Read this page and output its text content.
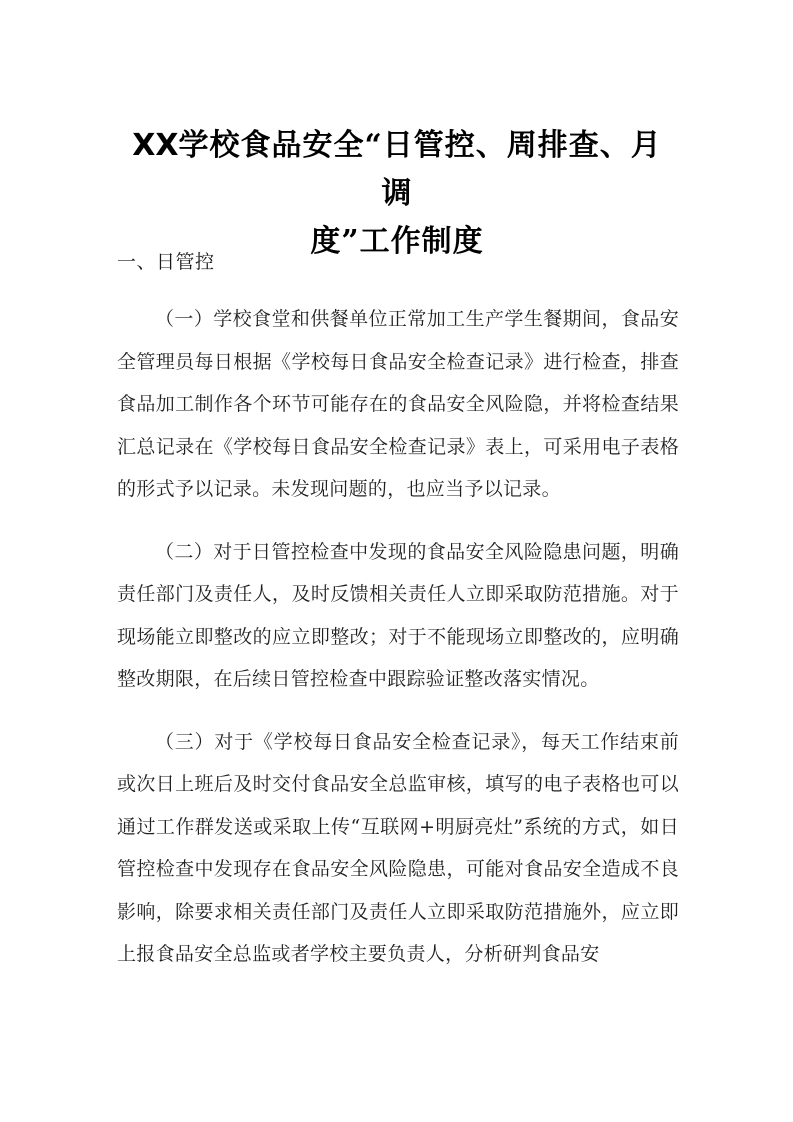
XX学校食品安全“日管控、周排查、月调
度”工作制度
一、日管控

（一）学校食堂和供餐单位正常加工生产学生餐期间，食品安全管理员每日根据《学校每日食品安全检查记录》进行检查，排查食品加工制作各个环节可能存在的食品安全风险隐，并将检查结果汇总记录在《学校每日食品安全检查记录》表上，可采用电子表格的形式予以记录。未发现问题的，也应当予以记录。

（二）对于日管控检查中发现的食品安全风险隐患问题，明确责任部门及责任人，及时反馈相关责任人立即采取防范措施。对于现场能立即整改的应立即整改；对于不能现场立即整改的，应明确整改期限，在后续日管控检查中跟踪验证整改落实情况。

（三）对于《学校每日食品安全检查记录》，每天工作结束前或次日上班后及时交付食品安全总监审核，填写的电子表格也可以通过工作群发送或采取上传“互联网+明厨亮灶”系统的方式，如日管控检查中发现存在食品安全风险隐患，可能对食品安全造成不良影响，除要求相关责任部门及责任人立即采取防范措施外，应立即上报食品安全总监或者学校主要负责人，分析研判食品安
